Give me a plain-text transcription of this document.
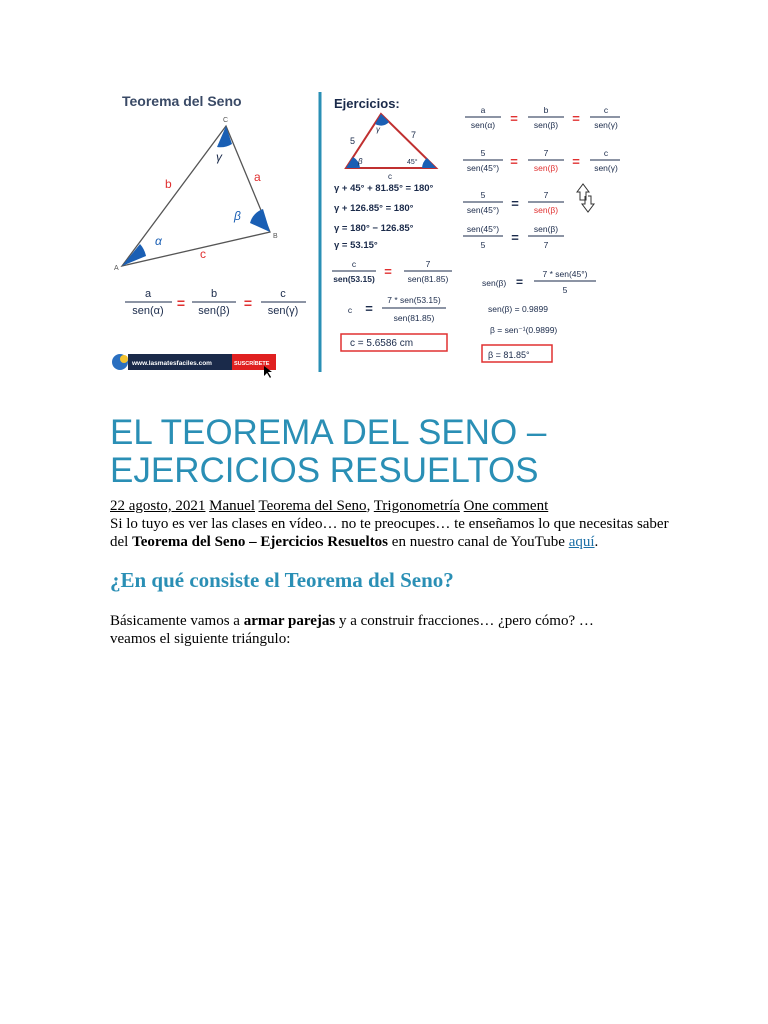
Teorema del Seno
A
B
C
b	a
c
α
β
γ
a
sen(α) =
b
sen(β) =
c
sen(γ)
www.lasmatesfaciles.com	SUSCRÍBETE
Ejercicios:
5
7
c
γ
β	45°
γ + 45° + 81.85° = 180°
γ + 126.85° = 180°
γ = 180° − 126.85°
γ = 53.15°
c
sen(53.15) =	7
sen(81.85)
c =
7 * sen(53.15)
sen(81.85)
c = 5.6586 cm
a
sen(α) =
b
sen(β) =
c
sen(γ)
5
sen(45°) =
7
sen(β) =
c
sen(γ)
5
sen(45°) =
7
sen(β)
sen(45°)
5 =
sen(β)
7
sen(β) =
7 * sen(45°)
5
sen(β) = 0.9899
β = sen⁻¹(0.9899)
β = 81.85°
EL TEOREMA DEL SENO –
EJERCICIOS RESUELTOS
22 agosto, 2021 Manuel Teorema del Seno, Trigonometría One comment

Si lo tuyo es ver las clases en vídeo… no te preocupes… te enseñamos lo que necesitas saber del Teorema del Seno – Ejercicios Resueltos en nuestro canal de YouTube aquí.

¿En qué consiste el Teorema del Seno?

Básicamente vamos a armar parejas y a construir fracciones… ¿pero cómo? … veamos el siguiente triángulo:
